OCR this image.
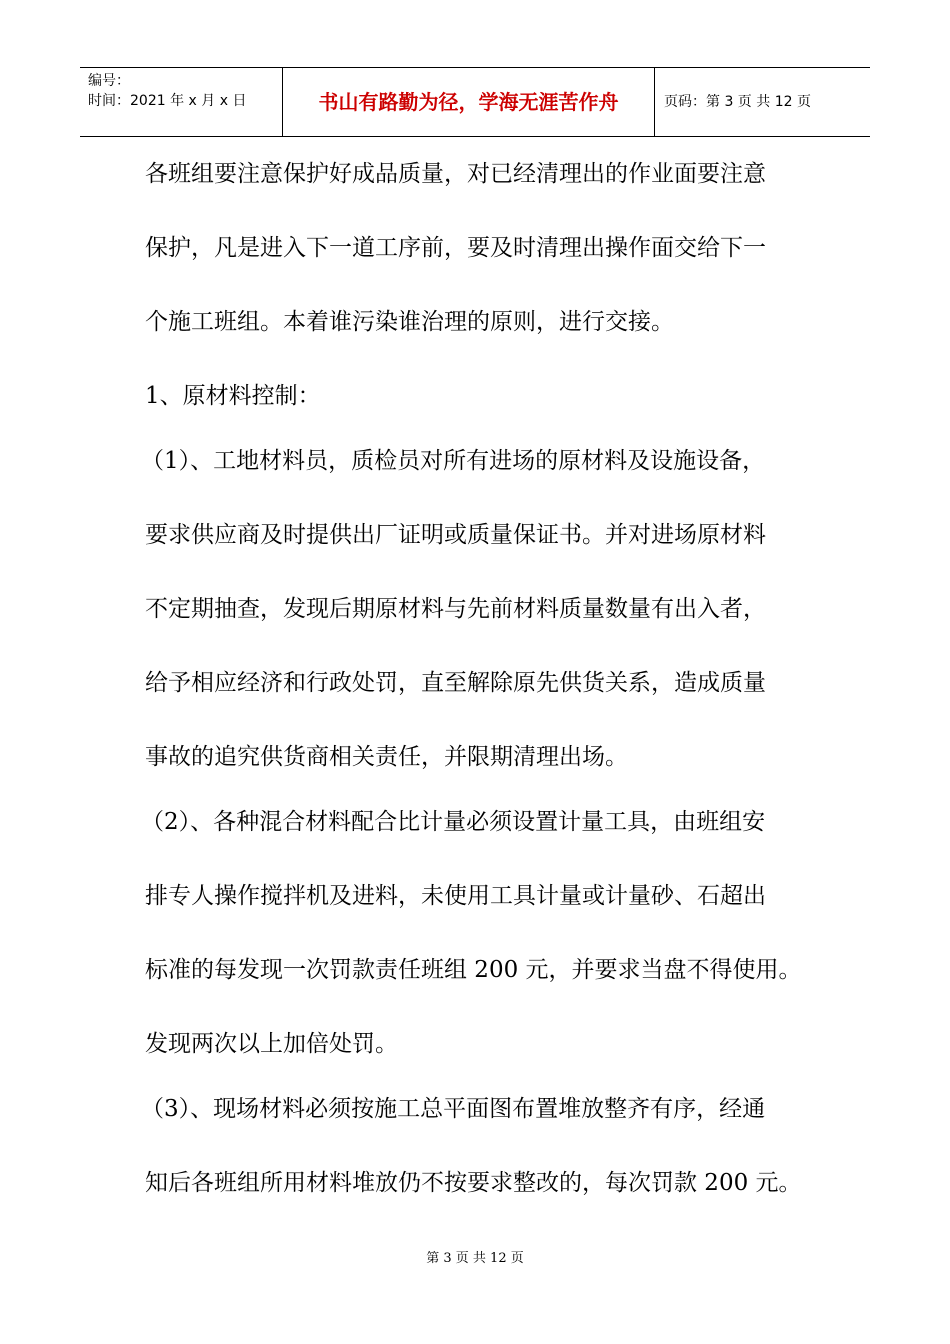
编号：
时间：2021 年 x 月 x 日	书山有路勤为径，学海无涯苦作舟	页码：第 3 页 共 12 页
各班组要注意保护好成品质量，对已经清理出的作业面要注意
保护，凡是进入下一道工序前，要及时清理出操作面交给下一
个施工班组。本着谁污染谁治理的原则，进行交接。
1、原材料控制：
（1）、工地材料员，质检员对所有进场的原材料及设施设备，
要求供应商及时提供出厂证明或质量保证书。并对进场原材料
不定期抽查，发现后期原材料与先前材料质量数量有出入者，
给予相应经济和行政处罚，直至解除原先供货关系，造成质量
事故的追究供货商相关责任，并限期清理出场。
（2）、各种混合材料配合比计量必须设置计量工具，由班组安
排专人操作搅拌机及进料，未使用工具计量或计量砂、石超出
标准的每发现一次罚款责任班组 200 元，并要求当盘不得使用。
发现两次以上加倍处罚。
（3）、现场材料必须按施工总平面图布置堆放整齐有序，经通
知后各班组所用材料堆放仍不按要求整改的，每次罚款 200 元。
第 3 页 共 12 页
